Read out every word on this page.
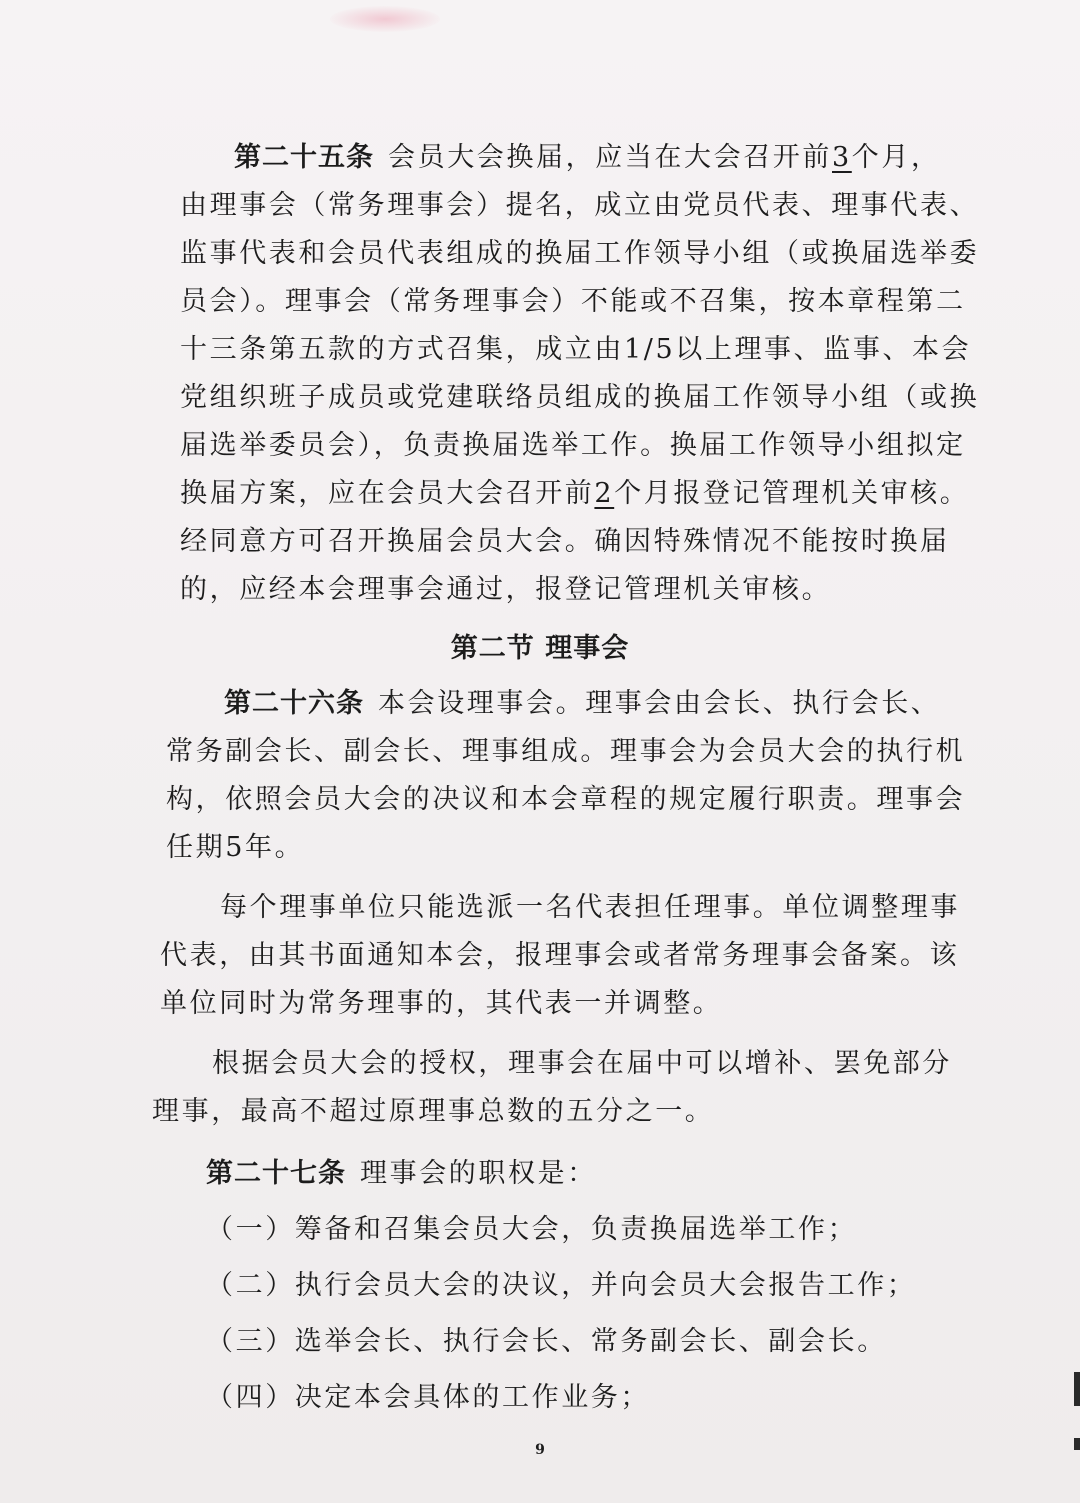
第二十五条 会员大会换届，应当在大会召开前3个月，
由理事会（常务理事会）提名，成立由党员代表、理事代表、
监事代表和会员代表组成的换届工作领导小组（或换届选举委
员会）。理事会（常务理事会）不能或不召集，按本章程第二
十三条第五款的方式召集，成立由1/5以上理事、监事、本会
党组织班子成员或党建联络员组成的换届工作领导小组（或换
届选举委员会），负责换届选举工作。换届工作领导小组拟定
换届方案，应在会员大会召开前2个月报登记管理机关审核。
经同意方可召开换届会员大会。确因特殊情况不能按时换届
的，应经本会理事会通过，报登记管理机关审核。
第二节 理事会
第二十六条 本会设理事会。理事会由会长、执行会长、
常务副会长、副会长、理事组成。理事会为会员大会的执行机
构，依照会员大会的决议和本会章程的规定履行职责。理事会
任期5年。
每个理事单位只能选派一名代表担任理事。单位调整理事
代表，由其书面通知本会，报理事会或者常务理事会备案。该
单位同时为常务理事的，其代表一并调整。
根据会员大会的授权，理事会在届中可以增补、罢免部分
理事，最高不超过原理事总数的五分之一。
第二十七条 理事会的职权是：
（一）筹备和召集会员大会，负责换届选举工作；
（二）执行会员大会的决议，并向会员大会报告工作；
（三）选举会长、执行会长、常务副会长、副会长。
（四）决定本会具体的工作业务；
9
